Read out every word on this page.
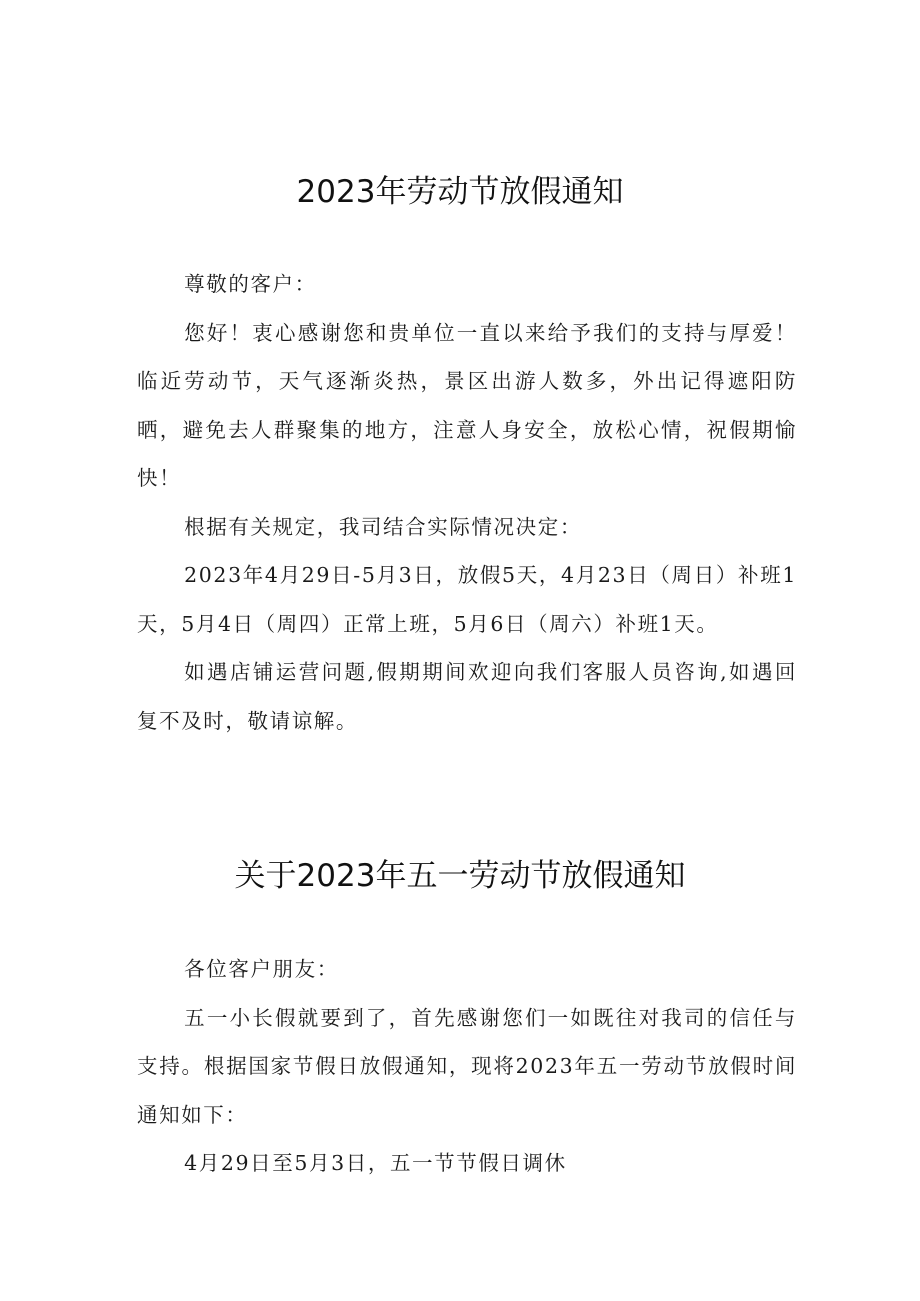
2023年劳动节放假通知

尊敬的客户：

您好！衷心感谢您和贵单位一直以来给予我们的支持与厚爱！临近劳动节，天气逐渐炎热，景区出游人数多，外出记得遮阳防晒，避免去人群聚集的地方，注意人身安全，放松心情，祝假期愉快！

根据有关规定，我司结合实际情况决定：

2023年4月29日-5月3日，放假5天，4月23日（周日）补班1天，5月4日（周四）正常上班，5月6日（周六）补班1天。

如遇店铺运营问题,假期期间欢迎向我们客服人员咨询,如遇回复不及时，敬请谅解。

关于2023年五一劳动节放假通知

各位客户朋友：

五一小长假就要到了，首先感谢您们一如既往对我司的信任与支持。根据国家节假日放假通知，现将2023年五一劳动节放假时间通知如下：

4月29日至5月3日，五一节节假日调休
